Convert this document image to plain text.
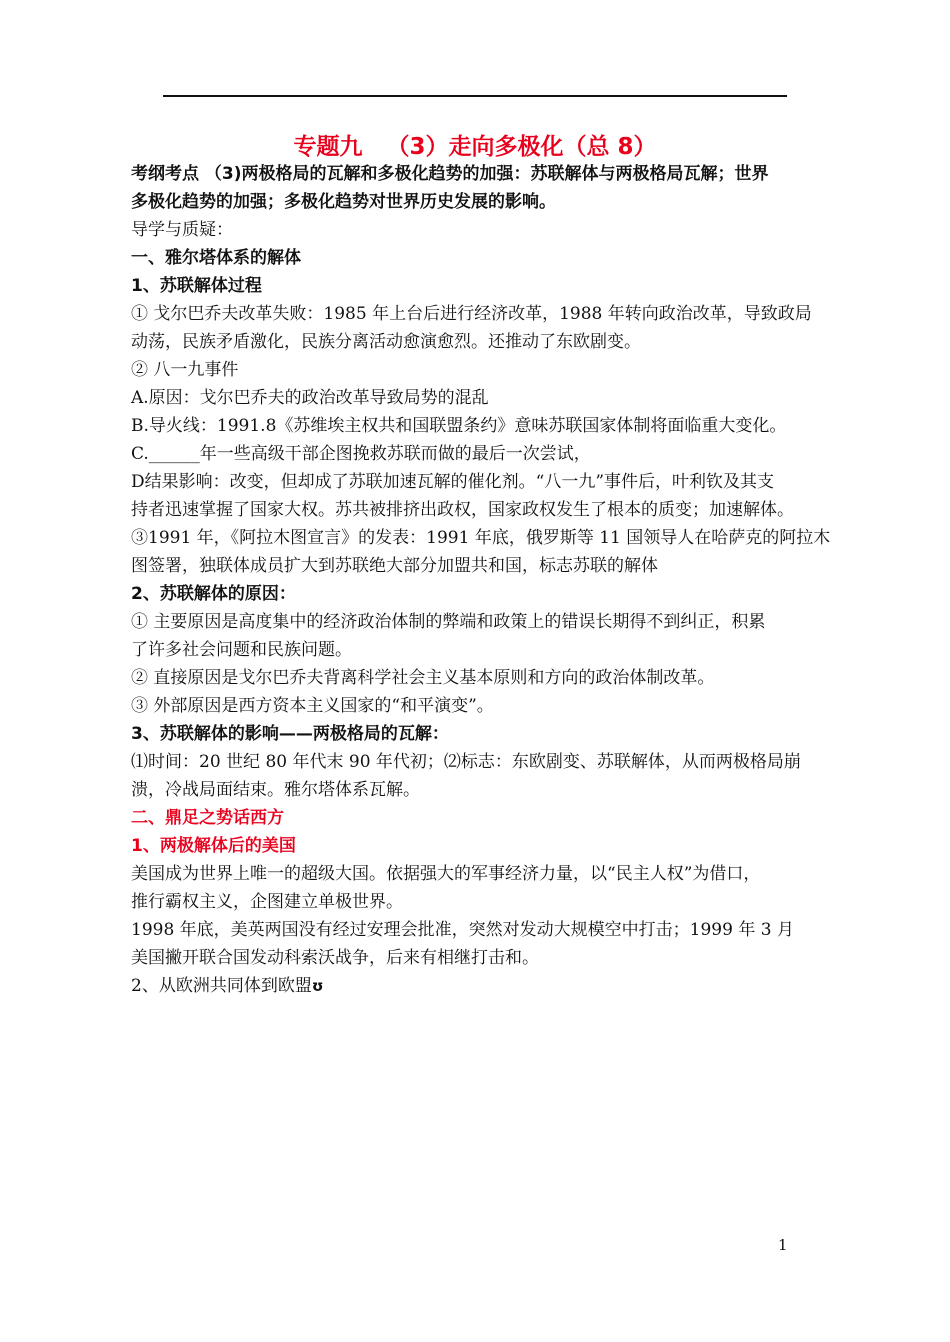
专题九   （3）走向多极化（总 8）
考纲考点 （3)两极格局的瓦解和多极化趋势的加强：苏联解体与两极格局瓦解；世界
多极化趋势的加强；多极化趋势对世界历史发展的影响。
导学与质疑：
一、雅尔塔体系的解体
1、苏联解体过程
① 戈尔巴乔夫改革失败：1985 年上台后进行经济改革，1988 年转向政治改革，导致政局
动荡，民族矛盾激化，民族分离活动愈演愈烈。还推动了东欧剧变。
② 八一九事件
A.原因：戈尔巴乔夫的政治改革导致局势的混乱
B.导火线：1991.8《苏维埃主权共和国联盟条约》意味苏联国家体制将面临重大变化。
C.______年一些高级干部企图挽救苏联而做的最后一次尝试，
D结果影响：改变，但却成了苏联加速瓦解的催化剂。“八一九”事件后，叶利钦及其支
持者迅速掌握了国家大权。苏共被排挤出政权，国家政权发生了根本的质变；加速解体。
③1991 年，《阿拉木图宣言》的发表：1991 年底，俄罗斯等 11 国领导人在哈萨克的阿拉木
图签署，独联体成员扩大到苏联绝大部分加盟共和国，标志苏联的解体
2、苏联解体的原因：
① 主要原因是高度集中的经济政治体制的弊端和政策上的错误长期得不到纠正，积累
了许多社会问题和民族问题。
② 直接原因是戈尔巴乔夫背离科学社会主义基本原则和方向的政治体制改革。
③ 外部原因是西方资本主义国家的“和平演变”。
3、苏联解体的影响——两极格局的瓦解：
⑴时间：20 世纪 80 年代末 90 年代初；⑵标志：东欧剧变、苏联解体，从而两极格局崩
溃，冷战局面结束。雅尔塔体系瓦解。
二、鼎足之势话西方
1、两极解体后的美国
美国成为世界上唯一的超级大国。依据强大的军事经济力量，以“民主人权”为借口，
推行霸权主义，企图建立单极世界。
1998 年底，美英两国没有经过安理会批准，突然对发动大规模空中打击；1999 年 3 月
美国撇开联合国发动科索沃战争，后来有相继打击和。
2、从欧洲共同体到欧盟ʊ
1
